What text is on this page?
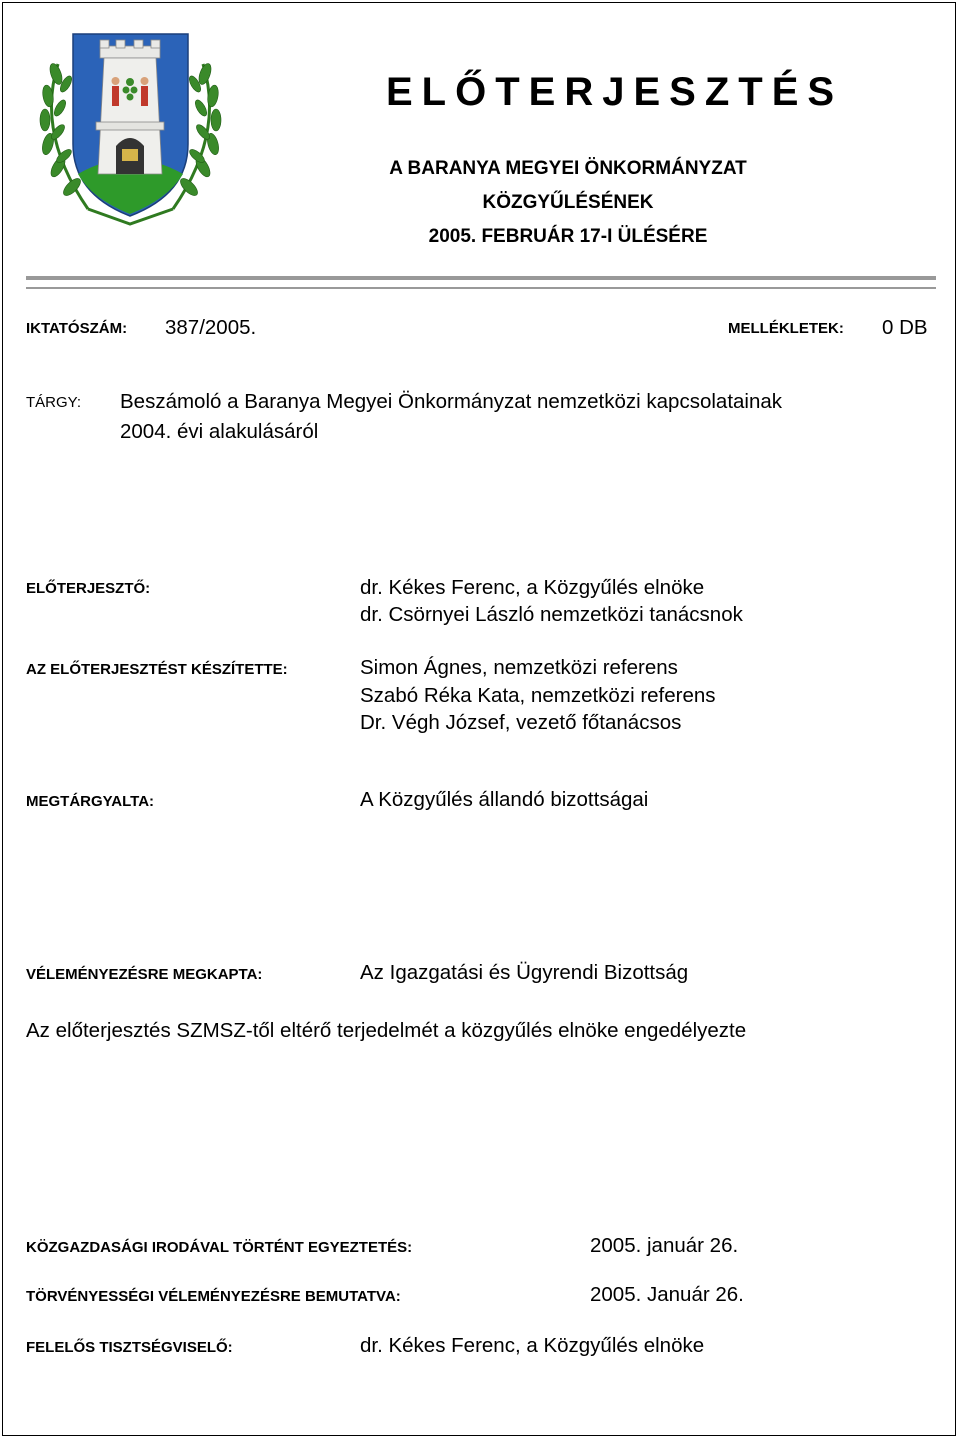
ELŐTERJESZTÉS
A BARANYA MEGYEI ÖNKORMÁNYZAT
KÖZGYŰLÉSÉNEK
2005. FEBRUÁR 17-I ÜLÉSÉRE
IKTATÓSZÁM: 387/2005.	MELLÉKLETEK: 0 DB
TÁRGY: Beszámoló a Baranya Megyei Önkormányzat nemzetközi kapcsolatainak
2004. évi alakulásáról
ELŐTERJESZTŐ:	dr. Kékes Ferenc, a Közgyűlés elnöke
dr. Csörnyei László nemzetközi tanácsnok
AZ ELŐTERJESZTÉST KÉSZÍTETTE:	Simon Ágnes, nemzetközi referens
Szabó Réka Kata, nemzetközi referens
Dr. Végh József, vezető főtanácsos
MEGTÁRGYALTA:	A Közgyűlés állandó bizottságai
VÉLEMÉNYEZÉSRE MEGKAPTA:	Az Igazgatási és Ügyrendi Bizottság
Az előterjesztés SZMSZ-től eltérő terjedelmét a közgyűlés elnöke engedélyezte
KÖZGAZDASÁGI IRODÁVAL TÖRTÉNT EGYEZTETÉS:	2005. január 26.
TÖRVÉNYESSÉGI VÉLEMÉNYEZÉSRE BEMUTATVA:	2005. Január 26.
FELELŐS TISZTSÉGVISELŐ:	dr. Kékes Ferenc, a Közgyűlés elnöke
